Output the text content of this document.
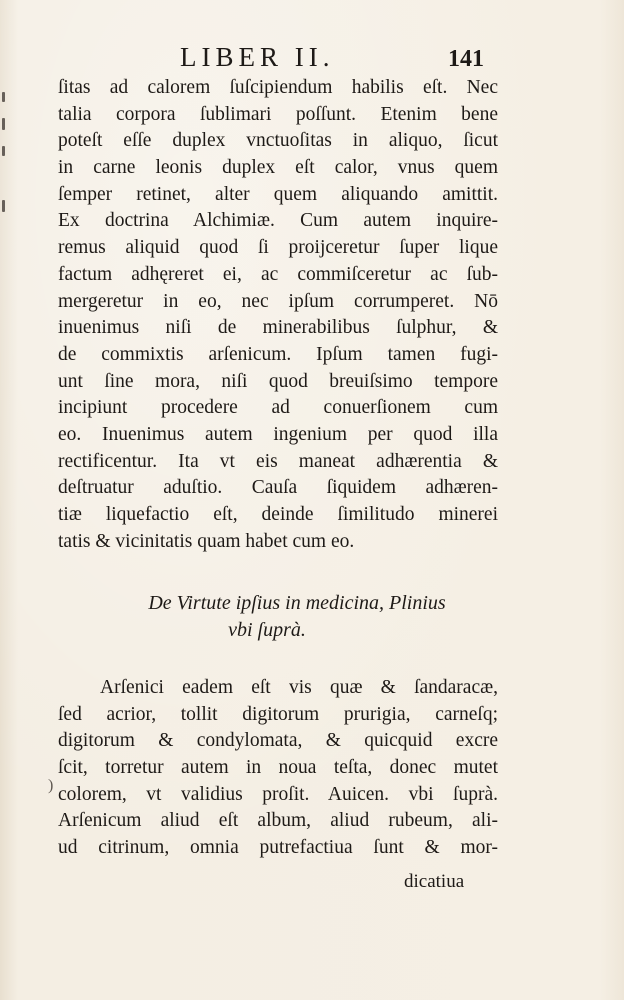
LIBER II.	141
ſitas ad calorem ſuſcipiendum habilis eſt. Nec
talia corpora ſublimari poſſunt. Etenim bene
poteſt eſſe duplex vnctuoſitas in aliquo, ſicut
in carne leonis duplex eſt calor, vnus quem
ſemper retinet, alter quem aliquando amittit.
Ex doctrina Alchimiæ. Cum autem inquire-
remus aliquid quod ſi proijceretur ſuper lique
factum adhęreret ei, ac commiſceretur ac ſub-
mergeretur in eo, nec ipſum corrumperet. Nō
inuenimus niſi de minerabilibus ſulphur, &
de commixtis arſenicum. Ipſum tamen fugi-
unt ſine mora, niſi quod breuiſsimo tempore
incipiunt procedere ad conuerſionem cum
eo. Inuenimus autem ingenium per quod illa
rectificentur. Ita vt eis maneat adhærentia &
deſtruatur aduſtio. Cauſa ſiquidem adhæren-
tiæ liquefactio eſt, deinde ſimilitudo minerei
tatis & vicinitatis quam habet cum eo.
De Virtute ipſius in medicina, Plinius
vbi ſuprà.
Arſenici eadem eſt vis quæ & ſandaracæ,
ſed acrior, tollit digitorum prurigia, carneſq;
digitorum & condylomata, & quicquid excre
ſcit, torretur autem in noua teſta, donec mutet
colorem, vt validius proſit. Auicen. vbi ſuprà.
Arſenicum aliud eſt album, aliud rubeum, ali-
ud citrinum, omnia putrefactiua ſunt & mor-
)
dicatiua
